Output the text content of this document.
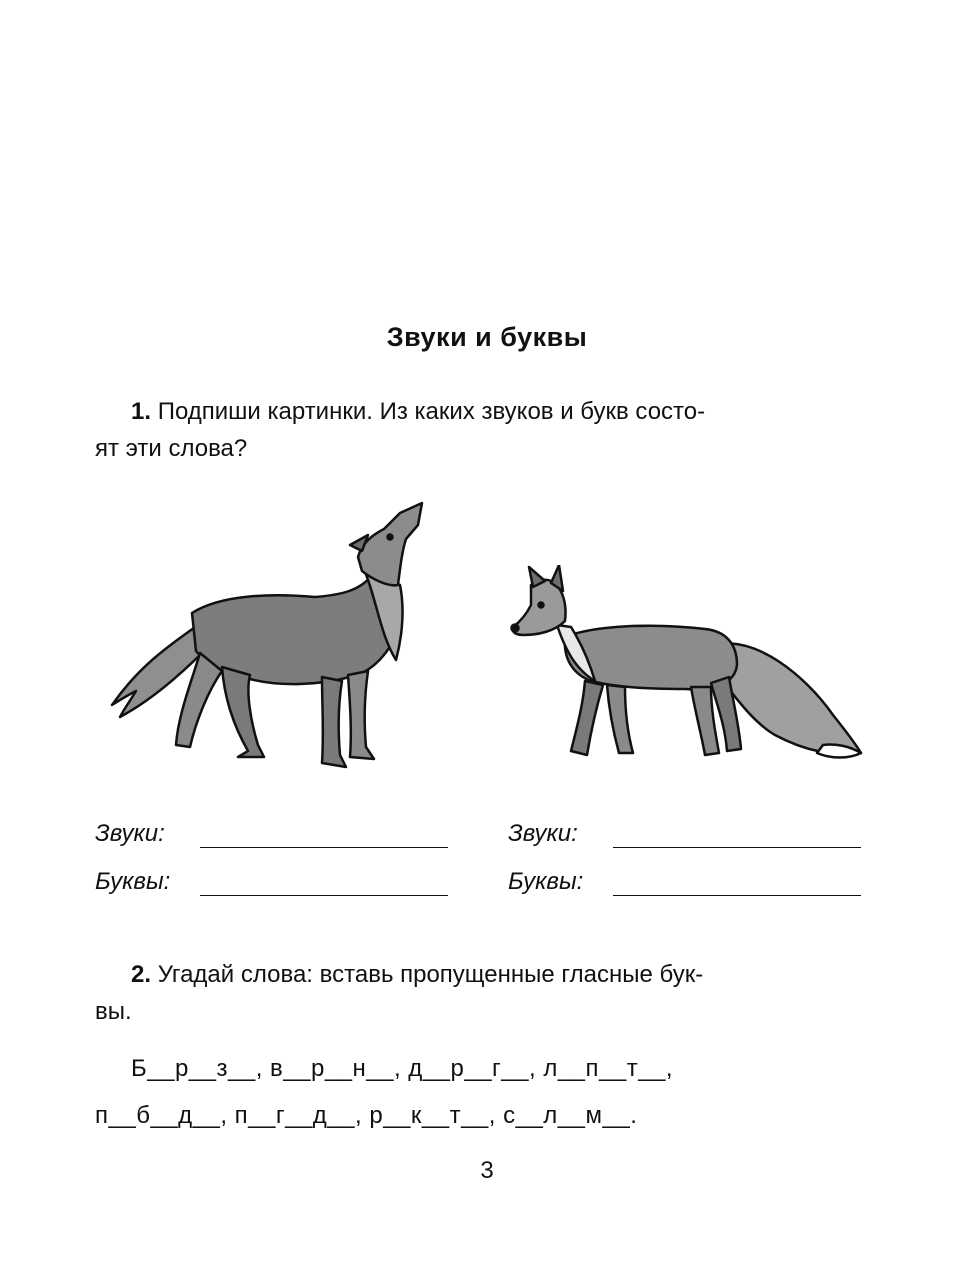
Звуки и буквы
1. Подпиши картинки. Из каких звуков и букв состо-
ят эти слова?
Звуки:
Буквы:
Звуки:
Буквы:
2. Угадай слова: вставь пропущенные гласные бук-
вы.
Б__р__з__, в__р__н__, д__р__г__, л__п__т__,
п__б__д__, п__г__д__, р__к__т__, с__л__м__.
3
